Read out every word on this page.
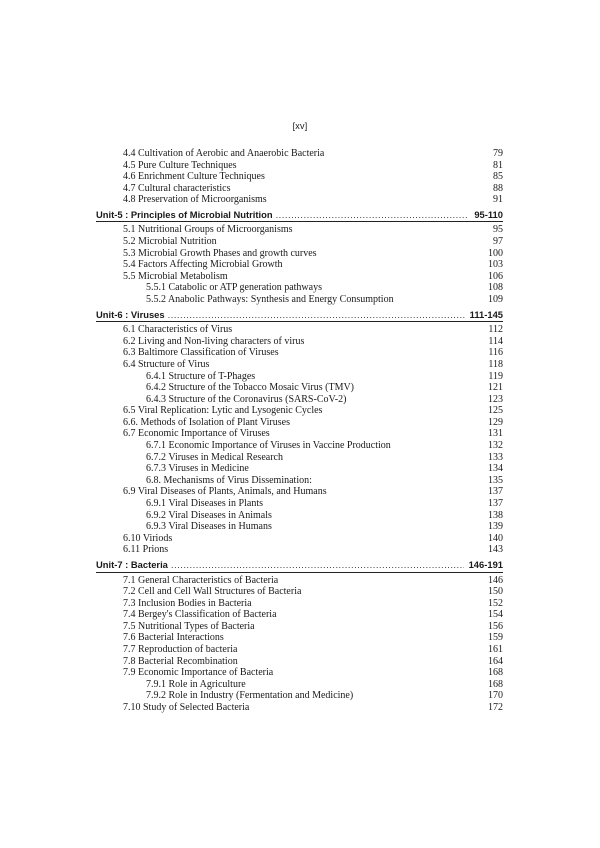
[xv]
4.4 Cultivation of Aerobic and Anaerobic Bacteria	79
4.5 Pure Culture Techniques	81
4.6 Enrichment Culture Techniques	85
4.7 Cultural characteristics	88
4.8 Preservation of Microorganisms	91
Unit-5 : Principles of Microbial Nutrition .....	95-110
5.1 Nutritional Groups of Microorganisms	95
5.2 Microbial Nutrition	97
5.3 Microbial Growth Phases and growth curves	100
5.4 Factors Affecting Microbial Growth	103
5.5 Microbial Metabolism	106
5.5.1 Catabolic or ATP generation pathways	108
5.5.2 Anabolic Pathways: Synthesis and Energy Consumption	109
Unit-6 : Viruses .....	111-145
6.1 Characteristics of Virus	112
6.2 Living and Non-living characters of virus	114
6.3 Baltimore Classification of Viruses	116
6.4 Structure of Virus	118
6.4.1 Structure of T-Phages	119
6.4.2 Structure of the Tobacco Mosaic Virus (TMV)	121
6.4.3 Structure of the Coronavirus (SARS-CoV-2)	123
6.5 Viral Replication: Lytic and Lysogenic Cycles	125
6.6. Methods of Isolation of Plant Viruses	129
6.7 Economic Importance of Viruses	131
6.7.1 Economic Importance of Viruses in Vaccine Production	132
6.7.2 Viruses in Medical Research	133
6.7.3 Viruses in Medicine	134
6.8. Mechanisms of Virus Dissemination:	135
6.9 Viral Diseases of Plants, Animals, and Humans	137
6.9.1 Viral Diseases in Plants	137
6.9.2 Viral Diseases in Animals	138
6.9.3 Viral Diseases in Humans	139
6.10 Viriods	140
6.11 Prions	143
Unit-7 : Bacteria .....	146-191
7.1 General Characteristics of Bacteria	146
7.2 Cell and Cell Wall Structures of Bacteria	150
7.3 Inclusion Bodies in Bacteria	152
7.4 Bergey's Classification of Bacteria	154
7.5 Nutritional Types of Bacteria	156
7.6 Bacterial Interactions	159
7.7 Reproduction of bacteria	161
7.8 Bacterial Recombination	164
7.9 Economic Importance of Bacteria	168
7.9.1 Role in Agriculture	168
7.9.2 Role in Industry (Fermentation and Medicine)	170
7.10 Study of Selected Bacteria	172
